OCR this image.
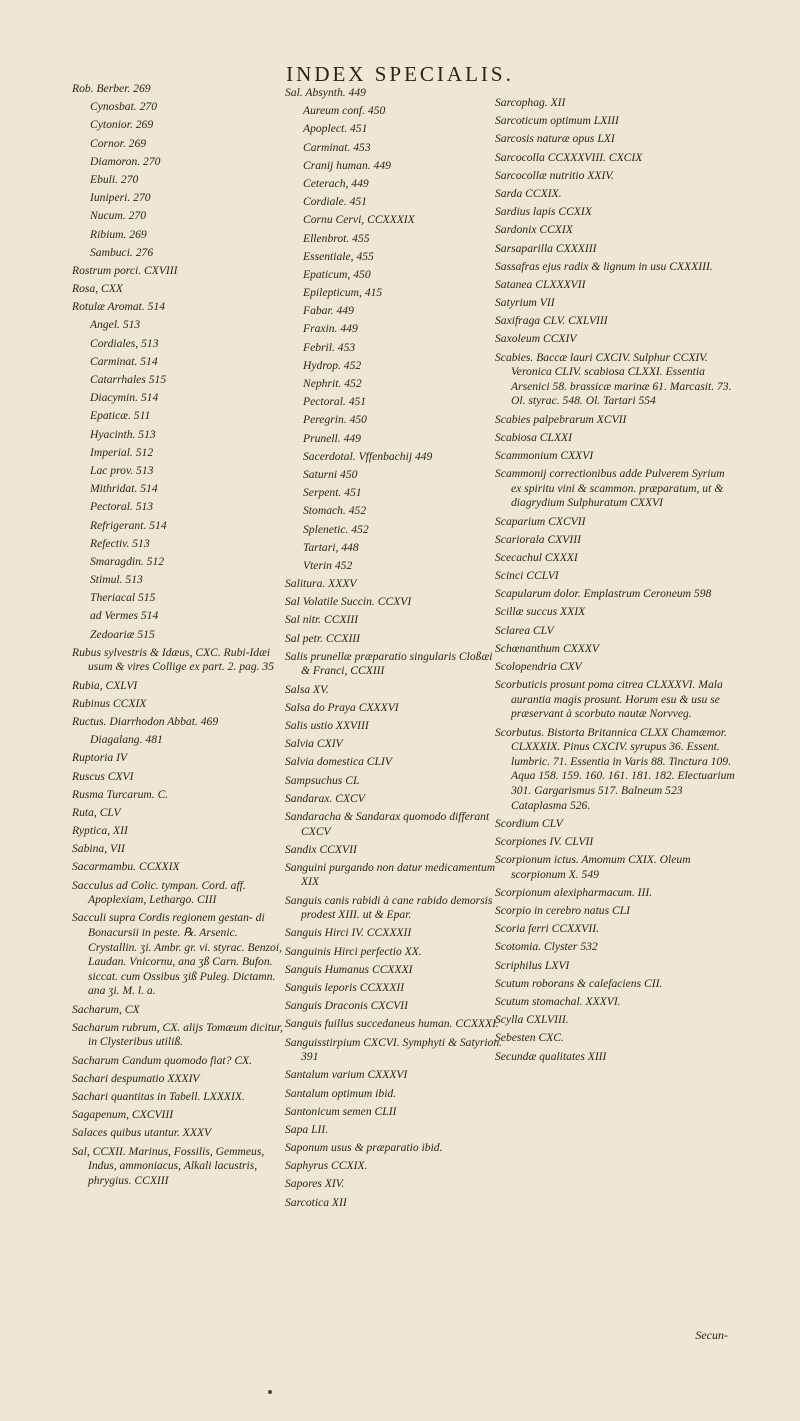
INDEX SPECIALIS.
Rob. Berber. 269
Cynosbat. 270
Cytonior. 269
Cornor. 269
Diamoron. 270
Ebuli. 270
Iuniperi. 270
Nucum. 270
Ribium. 269
Sambuci. 276
Rostrum porci. CXVIII
Rosa, CXX
Rotulæ Aromat. 514
Angel. 513
Cordiales, 513
Carminat. 514
Catarrhales 515
Diacymin. 514
Epaticæ. 511
Hyacinth. 513
Imperial. 512
Lac prov. 513
Mithridat. 514
Pectoral. 513
Refrigerant. 514
Refectiv. 513
Smaragdin. 512
Stimul. 513
Theriacal 515
ad Vermes 514
Zedoariæ 515
Rubus sylvestris & Idæus, CXC. Rubi-Idæi usum & vires Collige ex part. 2. pag. 35
Rubia, CXLVI
Rubinus CCXIX
Ructus. Diarrhodon Abbat. 469
Diagalang. 481
Ruptoria IV
Ruscus CXVI
Rusma Turcarum. C.
Ruta, CLV
Ryptica, XII
Sabina, VII
Sacarmambu. CCXXIX
Sacculus ad Colic. tympan. Cord. aff. Apoplexiam, Lethargo. CIII
Sacculi supra Cordis regionem gestan- di Bonacursii in peste. ℞. Arsenic. Crystallin. ʒi. Ambr. gr. vi. styrac. Benzoi, Laudan. Vnicornu, ana ʒß Carn. Bufon. siccat. cum Ossibus ʒiß Puleg. Dictamn. ana ʒi. M. l. a.
Sacharum, CX
Sacharum rubrum, CX. alijs Tomæum dicitur, in Clysteribus utiliß.
Sacharum Candum quomodo fiat? CX.
Sachari despumatio XXXIV
Sachari quantitas in Tabell. LXXXIX.
Sagapenum, CXCVIII
Salaces quibus utantur. XXXV
Sal, CCXII. Marinus, Fossilis, Gemmeus, Indus, ammoniacus, Alkali lacustris, phrygius. CCXIII
Sal. Absynth. 449
Aureum conf. 450
Apoplect. 451
Carminat. 453
Cranij human. 449
Ceterach, 449
Cordiale. 451
Cornu Cervi, CCXXXIX
Ellenbrot. 455
Essentiale, 455
Epaticum, 450
Epilepticum, 415
Fabar. 449
Fraxin. 449
Febril. 453
Hydrop. 452
Nephrit. 452
Pectoral. 451
Peregrin. 450
Prunell. 449
Sacerdotal. Vffenbachij 449
Saturni 450
Serpent. 451
Stomach. 452
Splenetic. 452
Tartari, 448
Vterin 452
Salitura. XXXV
Sal Volatile Succin. CCXVI
Sal nitr. CCXIII
Sal petr. CCXIII
Salis prunellæ præparatio singularis Cloßæi & Franci, CCXIII
Salsa XV.
Salsa do Praya CXXXVI
Salis ustio XXVIII
Salvia CXIV
Salvia domestica CLIV
Sampsuchus CL
Sandarax. CXCV
Sandaracha & Sandarax quomodo differant CXCV
Sandix CCXVII
Sanguini purgando non datur medicamentum XIX
Sanguis canis rabidi à cane rabido demorsis prodest XIII. ut & Epar.
Sanguis Hirci IV. CCXXXII
Sanguinis Hirci perfectio XX.
Sanguis Humanus CCXXXI
Sanguis leporis CCXXXII
Sanguis Draconis CXCVII
Sanguis fuillus succedaneus human. CCXXXI.
Sanguisstirpium CXCVI. Symphyti & Satyrion. 391
Santalum varium CXXXVI
Santalum optimum ibid.
Santonicum semen CLII
Sapa LII.
Saponum usus & præparatio ibid.
Saphyrus CCXIX.
Sapores XIV.
Sarcotica XII
Sarcophag. XII
Sarcoticum optimum LXIII
Sarcosis naturæ opus LXI
Sarcocolla CCXXXVIII. CXCIX
Sarcocollæ nutritio XXIV.
Sarda CCXIX.
Sardius lapis CCXIX
Sardonix CCXIX
Sarsaparilla CXXXIII
Sassafras ejus radix & lignum in usu CXXXIII.
Satanea CLXXXVII
Satyrium VII
Saxifraga CLV. CXLVIII
Saxoleum CCXIV
Scabies. Baccæ lauri CXCIV. Sulphur CCXIV. Veronica CLIV. scabiosa CLXXI. Essentia Arsenici 58. brassicæ marinæ 61. Marcasit. 73. Ol. styrac. 548. Ol. Tartari 554
Scabies palpebrarum XCVII
Scabiosa CLXXI
Scammonium CXXVI
Scammonij correctionibus adde Pulverem Syrium ex spiritu vini & scammon. præparatum, ut & diagrydium Sulphuratum CXXVI
Scaparium CXCVII
Scariorala CXVIII
Scecachul CXXXI
Scinci CCLVI
Scapularum dolor. Emplastrum Ceroneum 598
Scillæ succus XXIX
Sclarea CLV
Schœnanthum CXXXV
Scolopendria CXV
Scorbuticis prosunt poma citrea CLXXXVI. Mala aurantia magis prosunt. Horum esu & usu se præservant à scorbuto nautæ Norvveg.
Scorbutus. Bistorta Britannica CLXX Chamæmor. CLXXXIX. Pinus CXCIV. syrupus 36. Essent. lumbric. 71. Essentia in Varis 88. Tinctura 109. Aqua 158. 159. 160. 161. 181. 182. Electuarium 301. Gargarismus 517. Balneum 523 Cataplasma 526.
Scordium CLV
Scorpiones IV. CLVII
Scorpionum ictus. Amomum CXIX. Oleum scorpionum X. 549
Scorpionum alexipharmacum. III.
Scorpio in cerebro natus CLI
Scoria ferri CCXXVII.
Scotomia. Clyster 532
Scriphilus LXVI
Scutum roborans & calefaciens CII.
Scutum stomachal. XXXVI.
Scylla CXLVIII.
Sebesten CXC.
Secundæ qualitates XIII
Secun-
